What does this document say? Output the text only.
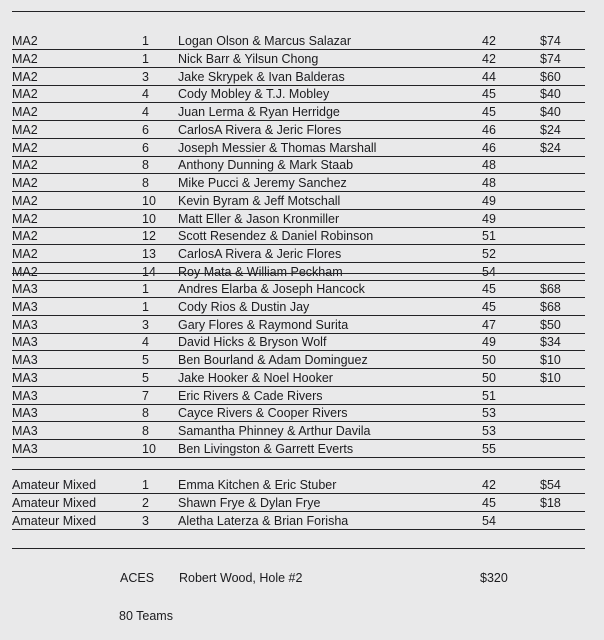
ACES Robert Wood, Hole #2	$320
80 Teams
MA2	1 Logan Olson & Marcus Salazar	42	$74
MA2	1 Nick Barr & Yilsun Chong	42	$74
MA2	3 Jake Skrypek & Ivan Balderas	44	$60
MA2	4 Cody Mobley & T.J. Mobley	45	$40
MA2	4 Juan Lerma & Ryan Herridge	45	$40
MA2	6 CarlosA Rivera & Jeric Flores	46	$24
MA2	6 Joseph Messier & Thomas Marshall	46	$24
MA2	8 Anthony Dunning & Mark Staab	48
MA2	8 Mike Pucci & Jeremy Sanchez	48
MA2	10 Kevin Byram & Jeff Motschall	49
MA2	10 Matt Eller & Jason Kronmiller	49
MA2	12 Scott Resendez & Daniel Robinson	51
MA2	13 CarlosA Rivera & Jeric Flores	52
MA2	14 Roy Mata & William Peckham	54
MA3	1 Andres Elarba & Joseph Hancock	45	$68
MA3	1 Cody Rios & Dustin Jay	45	$68
MA3	3 Gary Flores & Raymond Surita	47	$50
MA3	4 David Hicks & Bryson Wolf	49	$34
MA3	5 Ben Bourland & Adam Dominguez	50	$10
MA3	5 Jake Hooker & Noel Hooker	50	$10
MA3	7 Eric Rivers & Cade Rivers	51
MA3	8 Cayce Rivers & Cooper Rivers	53
MA3	8 Samantha Phinney & Arthur Davila	53
MA3	10 Ben Livingston & Garrett Everts	55
Amateur Mixed	1 Emma Kitchen & Eric Stuber	42	$54
Amateur Mixed	2 Shawn Frye & Dylan Frye	45	$18
Amateur Mixed	3 Aletha Laterza & Brian Forisha	54
